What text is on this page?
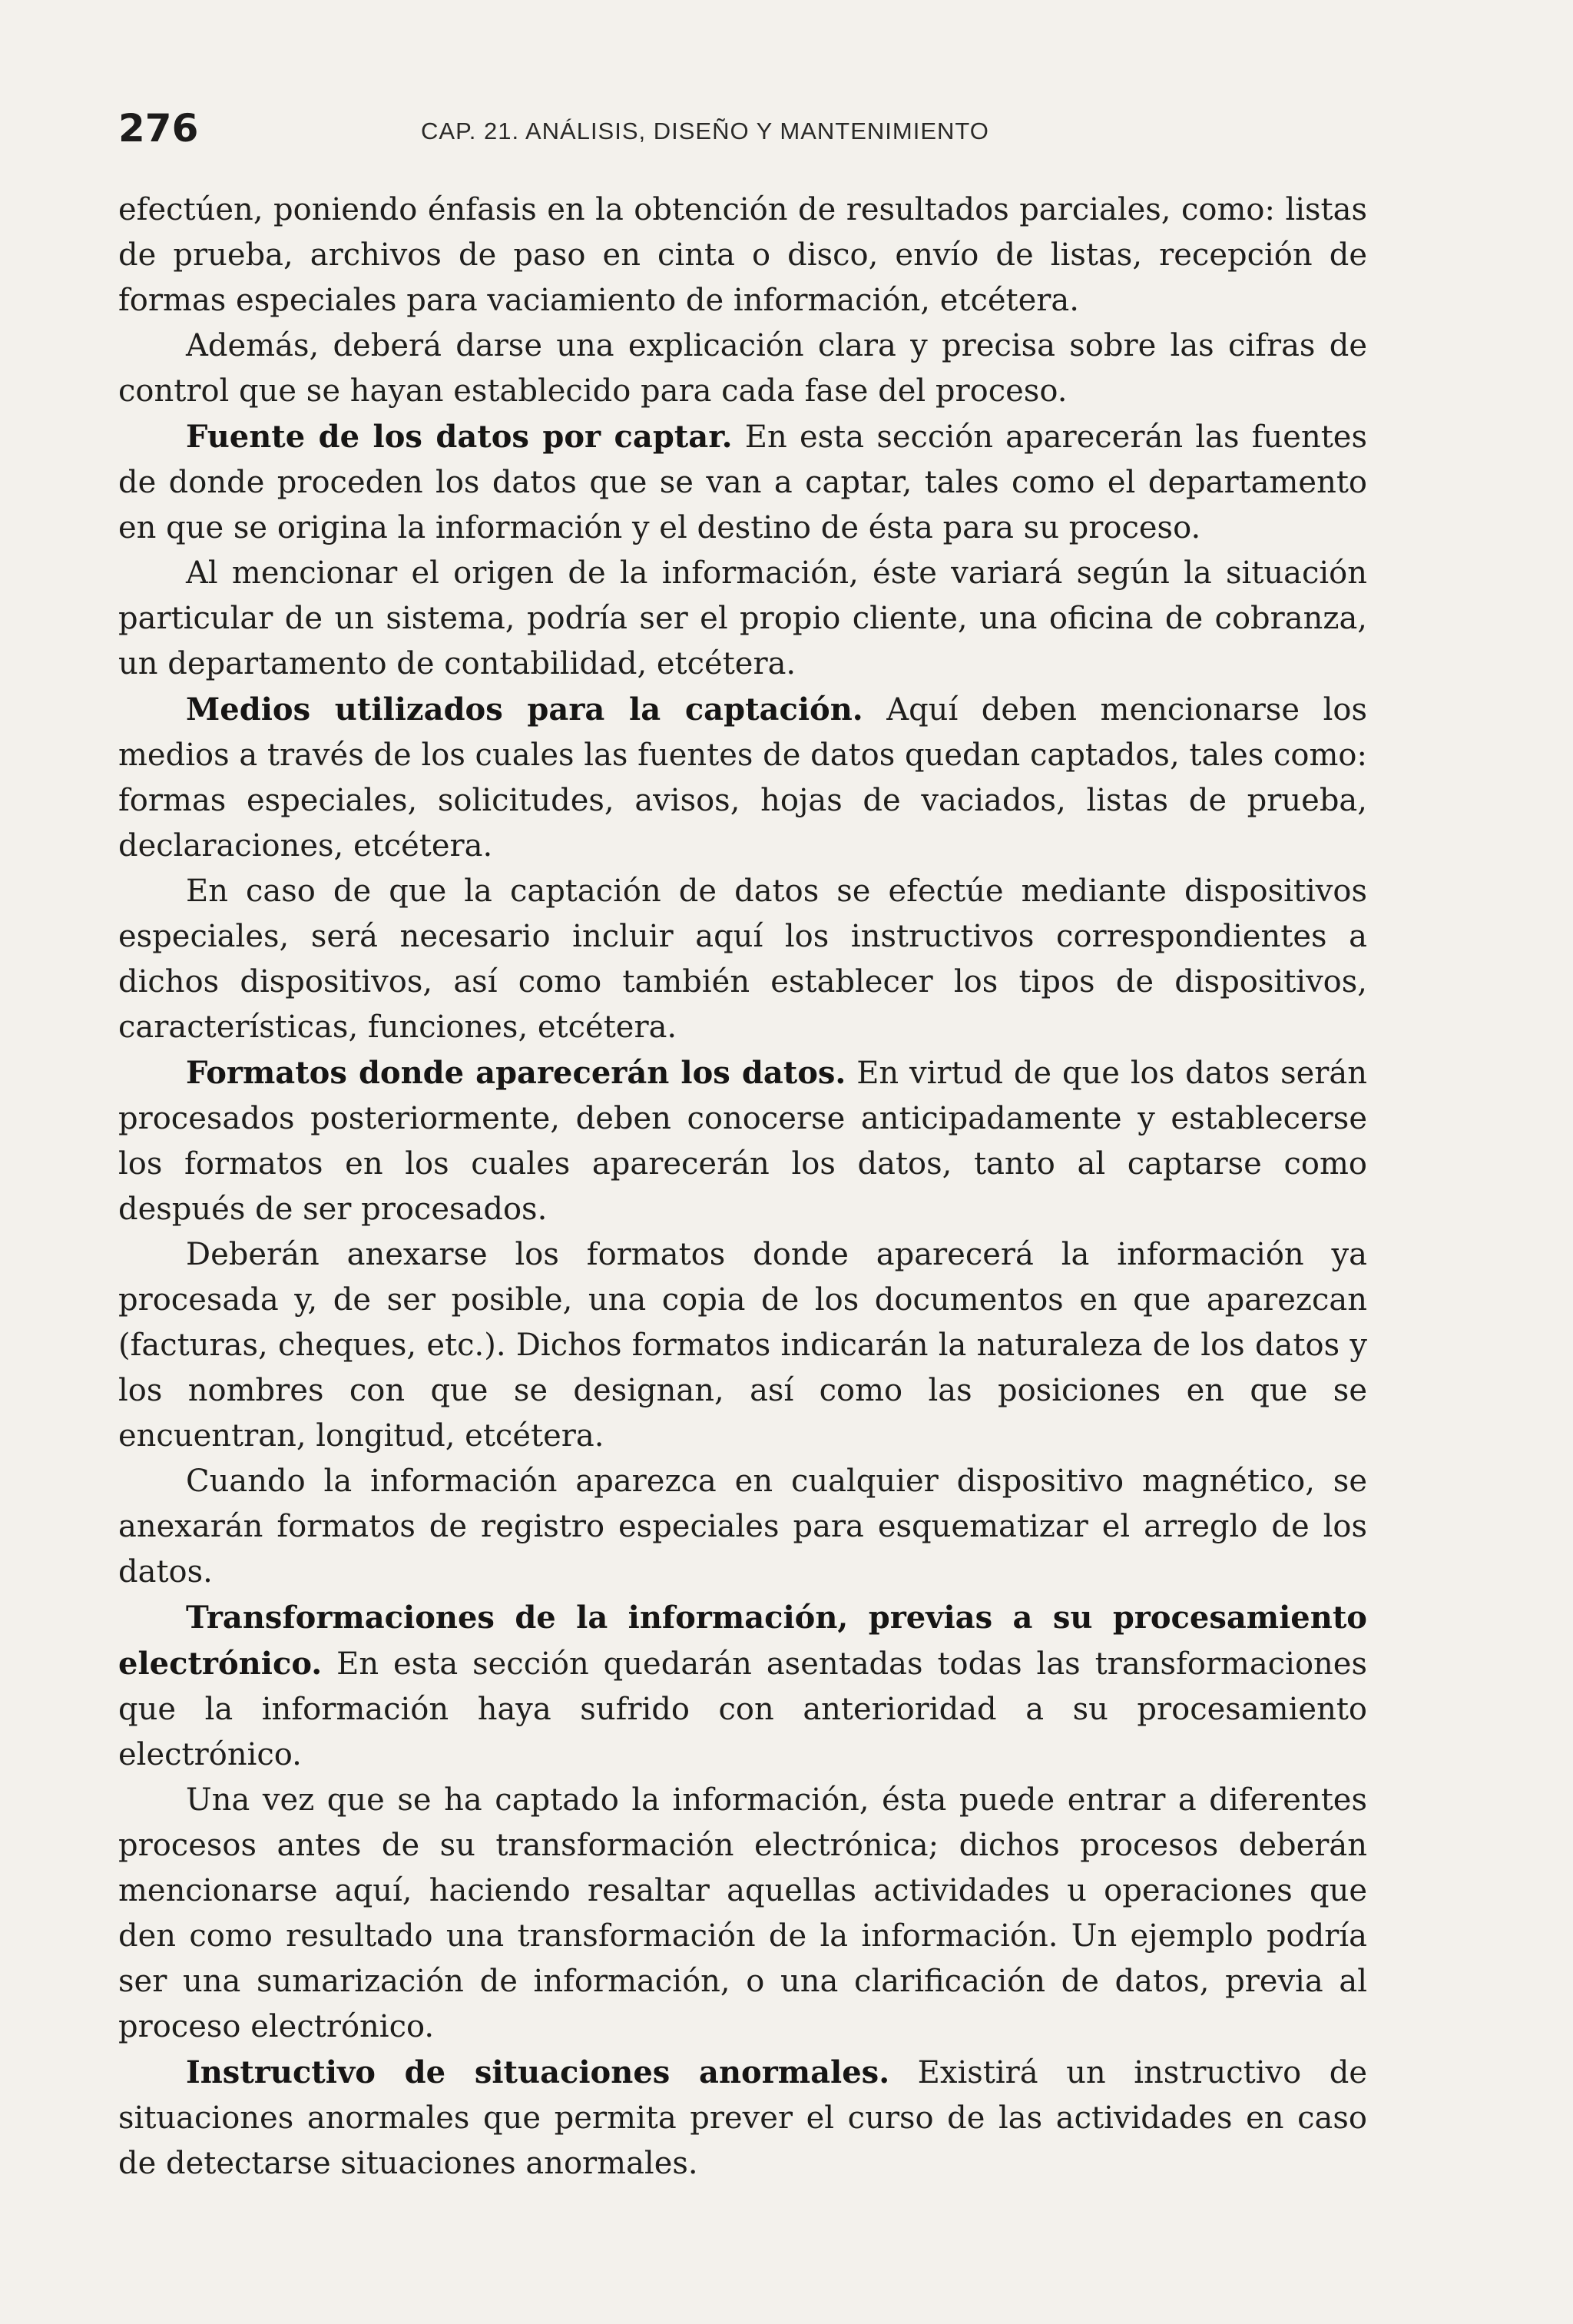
276	CAP. 21. ANÁLISIS, DISEÑO Y MANTENIMIENTO

efectúen, poniendo énfasis en la obtención de resultados parciales, como: listas de prueba, archivos de paso en cinta o disco, envío de listas, recepción de formas especiales para vaciamiento de información, etcétera.

Además, deberá darse una explicación clara y precisa sobre las cifras de control que se hayan establecido para cada fase del proceso.

Fuente de los datos por captar. En esta sección aparecerán las fuentes de donde proceden los datos que se van a captar, tales como el departamento en que se origina la información y el destino de ésta para su proceso.

Al mencionar el origen de la información, éste variará según la situación particular de un sistema, podría ser el propio cliente, una oficina de cobranza, un departamento de contabilidad, etcétera.

Medios utilizados para la captación. Aquí deben mencionarse los medios a través de los cuales las fuentes de datos quedan captados, tales como: formas especiales, solicitudes, avisos, hojas de vaciados, listas de prueba, declaraciones, etcétera.

En caso de que la captación de datos se efectúe mediante dispositivos especiales, será necesario incluir aquí los instructivos correspondientes a dichos dispositivos, así como también establecer los tipos de dispositivos, características, funciones, etcétera.

Formatos donde aparecerán los datos. En virtud de que los datos serán procesados posteriormente, deben conocerse anticipadamente y establecerse los formatos en los cuales aparecerán los datos, tanto al captarse como después de ser procesados.

Deberán anexarse los formatos donde aparecerá la información ya procesada y, de ser posible, una copia de los documentos en que aparezcan (facturas, cheques, etc.). Dichos formatos indicarán la naturaleza de los datos y los nombres con que se designan, así como las posiciones en que se encuentran, longitud, etcétera.

Cuando la información aparezca en cualquier dispositivo magnético, se anexarán formatos de registro especiales para esquematizar el arreglo de los datos.

Transformaciones de la información, previas a su procesamiento electrónico. En esta sección quedarán asentadas todas las transformaciones que la información haya sufrido con anterioridad a su procesamiento electrónico.

Una vez que se ha captado la información, ésta puede entrar a diferentes procesos antes de su transformación electrónica; dichos procesos deberán mencionarse aquí, haciendo resaltar aquellas actividades u operaciones que den como resultado una transformación de la información. Un ejemplo podría ser una sumarización de información, o una clarificación de datos, previa al proceso electrónico.

Instructivo de situaciones anormales. Existirá un instructivo de situaciones anormales que permita prever el curso de las actividades en caso de detectarse situaciones anormales.
